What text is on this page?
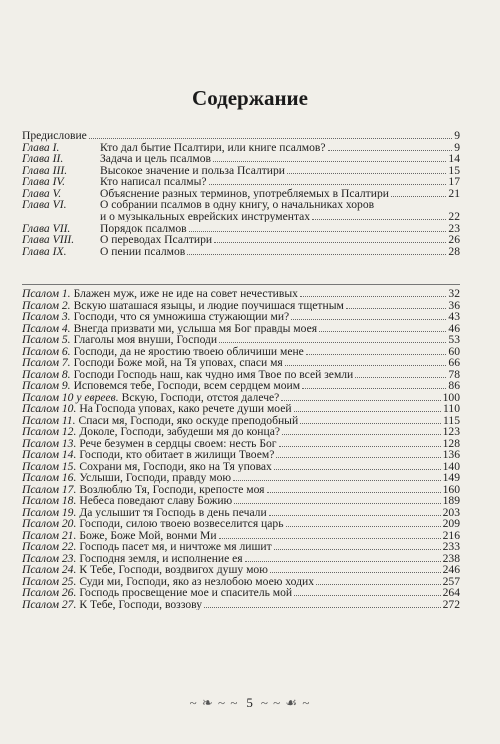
Содержание
Предисловие	9
Глава I.	Кто дал бытие Псалтири, или книге псалмов?	9
Глава II.	Задача и цель псалмов	14
Глава III.	Высокое значение и польза Псалтири	15
Глава IV.	Кто написал псалмы?	17
Глава V.	Объяснение разных терминов, употребляемых в Псалтири	21
Глава VI.	О собрании псалмов в одну книгу, о начальниках хоров
и о музыкальных еврейских инструментах	22
Глава VII.	Порядок псалмов	23
Глава VIII.	О переводах Псалтири	26
Глава IX.	О пении псалмов	28
Псалом 1. Блажен муж, иже не иде на совет нечестивых	32
Псалом 2. Вскую шаташася языцы, и людие поучишася тщетным	36
Псалом 3. Господи, что ся умножиша стужающии ми?	43
Псалом 4. Внегда призвати ми, услыша мя Бог правды моея	46
Псалом 5. Глаголы моя внуши, Господи	53
Псалом 6. Господи, да не яростию твоею обличиши мене	60
Псалом 7. Господи Боже мой, на Тя уповах, спаси мя	66
Псалом 8. Господи Господь наш, как чудно имя Твое по всей земли	78
Псалом 9. Исповемся тебе, Господи, всем сердцем моим	86
Псалом 10 у евреев. Вскую, Господи, отстоя далече?	100
Псалом 10. На Господа уповах, како речете души моей	110
Псалом 11. Спаси мя, Господи, яко оскуде преподобный	115
Псалом 12. Доколе, Господи, забудеши мя до конца?	123
Псалом 13. Рече безумен в сердцы своем: несть Бог	128
Псалом 14. Господи, кто обитает в жилищи Твоем?	136
Псалом 15. Сохрани мя, Господи, яко на Тя уповах	140
Псалом 16. Услыши, Господи, правду мою	149
Псалом 17. Возлюблю Тя, Господи, крепосте моя	160
Псалом 18. Небеса поведают славу Божию	189
Псалом 19. Да услышит тя Господь в день печали	203
Псалом 20. Господи, силою твоею возвеселится царь	209
Псалом 21. Боже, Боже Мой, вонми Ми	216
Псалом 22. Господь пасет мя, и ничтоже мя лишит	233
Псалом 23. Господня земля, и исполнение ея	238
Псалом 24. К Тебе, Господи, воздвигох душу мою	246
Псалом 25. Суди ми, Господи, яко аз незлобою моею ходих	257
Псалом 26. Господь просвещение мое и спаситель мой	264
Псалом 27. К Тебе, Господи, воззову	272
~ ❧ ~ ~ 5 ~ ~ ☙ ~
